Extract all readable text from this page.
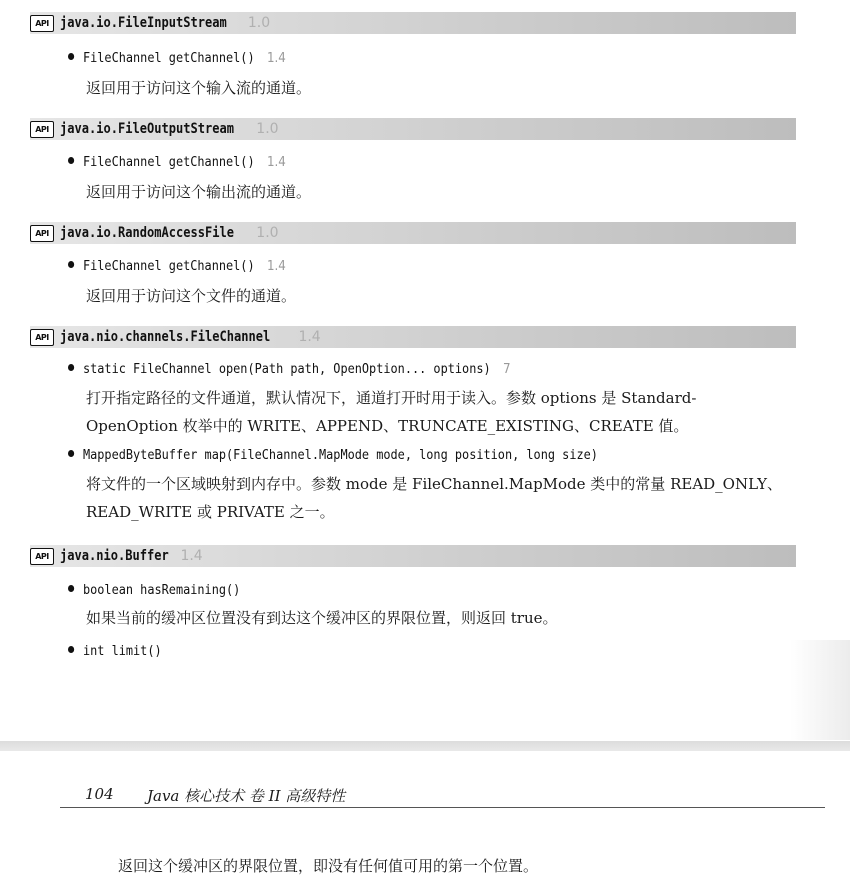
API java.io.FileInputStream 1.0
FileChannel getChannel() 1.4
返回用于访问这个输入流的通道。
API java.io.FileOutputStream 1.0
FileChannel getChannel() 1.4
返回用于访问这个输出流的通道。
API java.io.RandomAccessFile 1.0
FileChannel getChannel() 1.4
返回用于访问这个文件的通道。
API java.nio.channels.FileChannel 1.4
static FileChannel open(Path path, OpenOption... options) 7
打开指定路径的文件通道，默认情况下，通道打开时用于读入。参数 options 是 Standard-
OpenOption 枚举中的 WRITE、APPEND、TRUNCATE_EXISTING、CREATE 值。
MappedByteBuffer map(FileChannel.MapMode mode, long position, long size)
将文件的一个区域映射到内存中。参数 mode 是 FileChannel.MapMode 类中的常量 READ_ONLY、
READ_WRITE 或 PRIVATE 之一。
API java.nio.Buffer 1.4
boolean hasRemaining()
如果当前的缓冲区位置没有到达这个缓冲区的界限位置，则返回 true。
int limit()
104 Java 核心技术 卷 II 高级特性
返回这个缓冲区的界限位置，即没有任何值可用的第一个位置。
